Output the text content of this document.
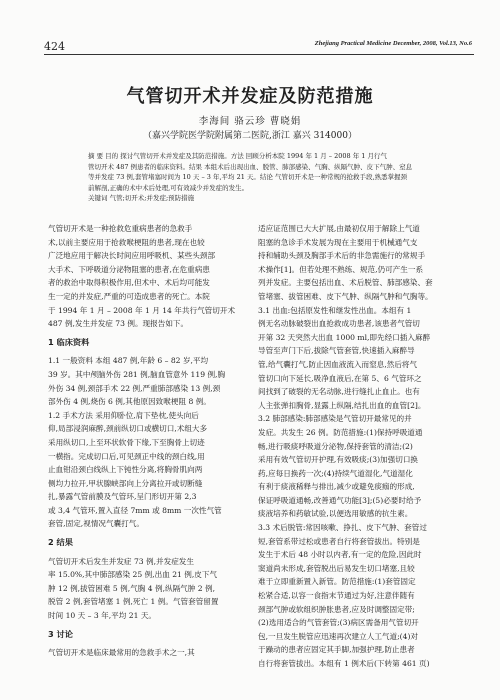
424	Zhejiang Practical Medicine December, 2008, Vol.13, No.6
气管切开术并发症及防范措施
李海间 骆云珍 曹晓娟
（嘉兴学院医学院附属第二医院,浙江 嘉兴 314000）
摘 要 目的 探讨气管切开术并发症及其防范措施。方法 回顾分析本院 1994 年 1 月 – 2008 年 1 月行气
管切开术 487 例患者的临床资料。结果 本组术后出现出血、脱管、肺部感染、气胸、纵隔气肿、皮下气肿、窒息
等并发症 73 例,套管堵塞时间为 10 天 – 3 年,平均 21 天。结论 气管切开术是一种常规的抢救手段,熟悉掌握颈
前解剖,正确的术中术后处理,可有效减少并发症的发生。
关键词 气管;切开术;并发症;预防措施
气管切开术是一种抢救危重病患者的急救手
术,以前主要应用于抢救喉梗阻的患者,现在也较
广泛地应用于解决长时间应用呼吸机、某些头颈部
大手术、下呼吸道分泌物阻塞的患者,在危重病患
者的救治中取得积极作用,但术中、术后均可能发
生一定的并发症,严重的可造成患者的死亡。本院
于 1994 年 1 月 – 2008 年 1 月 14 年共行气管切开术
487 例,发生并发症 73 例。现报告如下。
1 临床资料
1.1 一般资料 本组 487 例,年龄 6 – 82 岁,平均
39 岁。其中颅脑外伤 281 例,脑血管意外 119 例,胸
外伤 34 例,颈部手术 22 例,严重肺部感染 13 例,颈
部外伤 4 例,烧伤 6 例,其他原因致喉梗阻 8 例。
1.2 手术方法 采用仰卧位,肩下垫枕,使头向后
仰,局部浸润麻醉,颈前纵切口或横切口,术组大多
采用纵切口,上至环状软骨下缘,下至胸骨上切迹
一横指。完成切口后,可见颈正中线的颈白线,用
止血钳沿颈白线纵上下钝性分离,将胸骨肌向两
侧均力拉开,甲状腺峡部向上分离拉开或切断缝
扎,暴露气管前膜及气管环,呈门形切开第 2,3
或 3,4 气管环,置入直径 7mm 或 8mm 一次性气管
套管,固定,视情况气囊打气。
2 结果
气管切开术后发生并发症 73 例,并发症发生
率 15.0%,其中肺部感染 25 例,出血 21 例,皮下气
肿 12 例,拔管困难 5 例,气胸 4 例,纵隔气肿 2 例,
脱管 2 例,套管堵塞 1 例,死亡 1 例。气管套管留置
时间 10 天 – 3 年,平均 21 天。
3 讨论
气管切开术是临床最常用的急救手术之一,其
适应证范围已大大扩展,由最初仅用于解除上气道
阻塞的急诊手术发展为现在主要用于机械通气支
持和辅助头颈及胸部手术后的非急需施行的常规手
术操作[1]。但若处理不熟练、规范,仍可产生一系
列并发症。主要包括出血、术后脱管、肺部感染、套
管堵塞、拔管困难、皮下气肿、纵隔气肿和气胸等。
3.1 出血:包括原发性和继发性出血。本组有 1
例无名动脉破裂出血抢救成功患者,该患者气管切
开第 32 天突然大出血 1000 ml,即先经口插入麻醉
导管至声门下后,拔除气管套管,快速插入麻醉导
管,给气囊打气,防止因血液流入而窒息,然后将气
管切口向下延长,吸净血液后,在第 5、6 气管环之
间找到了破裂的无名动脉,进行缝扎止血止。也有
人主张弹扣胸骨,显露上纵隔,结扎出血的血管[2]。
3.2 肺部感染:肺部感染是气管切开最常见的并
发症。共发生 26 例。防范措施:(1)保持呼吸道通
畅,进行吸痰呼吸道分泌物,保持套管的清洁;(2)
采用有效气管切开护理,有效吸痰;(3)加强切口换
药,应每日换药一次;(4)持续气道湿化,气道湿化
有利于痰液稀释与排出,减少或避免痰痂的形成,
保证呼吸道通畅,改善通气功能[3];(5)必要时给予
痰液培养和药敏试验,以便选用敏感的抗生素。
3.3 术后脱管:常因咳嗽、挣扎、皮下气肿、套管过
短,套管系带过松或患者自行将套管拔出。特别是
发生于术后 48 小时以内者,有一定的危险,因此时
窦道尚未形成,套管脱出后易发生切口堵塞,且较
难于立即重新置入新管。防范措施:(1)套管固定
松紧合适,以容一食指末节通过为好,注意伴随有
颈部气肿或软组织肿胀患者,应及时调整固定带;
(2)选用适合的气管套管;(3)病区需备用气管切开
包,一旦发生脱管应迅速再次建立人工气道;(4)对
于躁动的患者应固定其手脚,加强护理,防止患者
自行将套管拔出。本组有 1 例术后(下转第 461 页)
